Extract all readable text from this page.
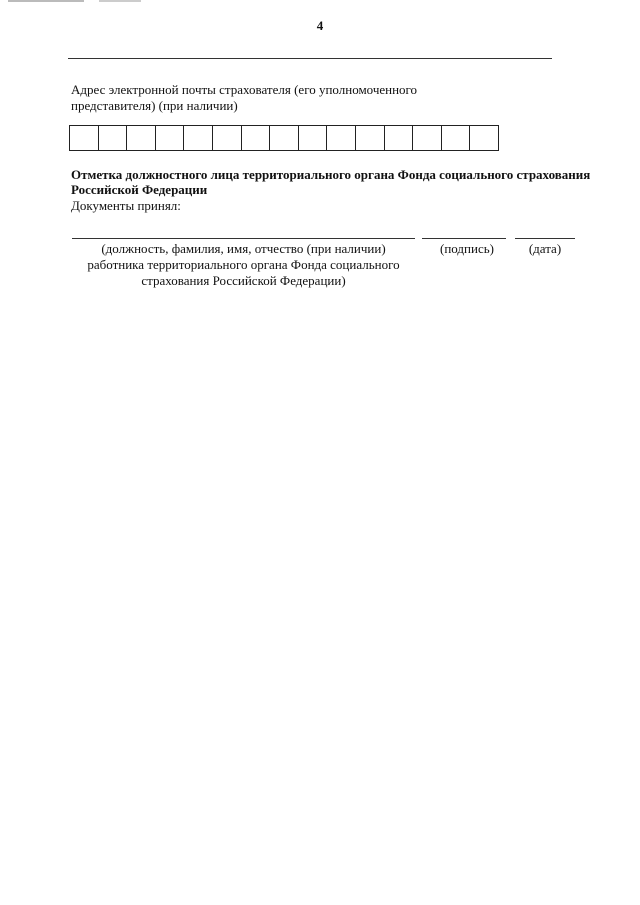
4
Адрес электронной почты страхователя (его уполномоченного представителя) (при наличии)
Отметка должностного лица территориального органа Фонда социального страхования Российской Федерации
Документы принял:
(должность, фамилия, имя, отчество (при наличии) работника территориального органа Фонда социального страхования Российской Федерации)
(подпись)	(дата)
